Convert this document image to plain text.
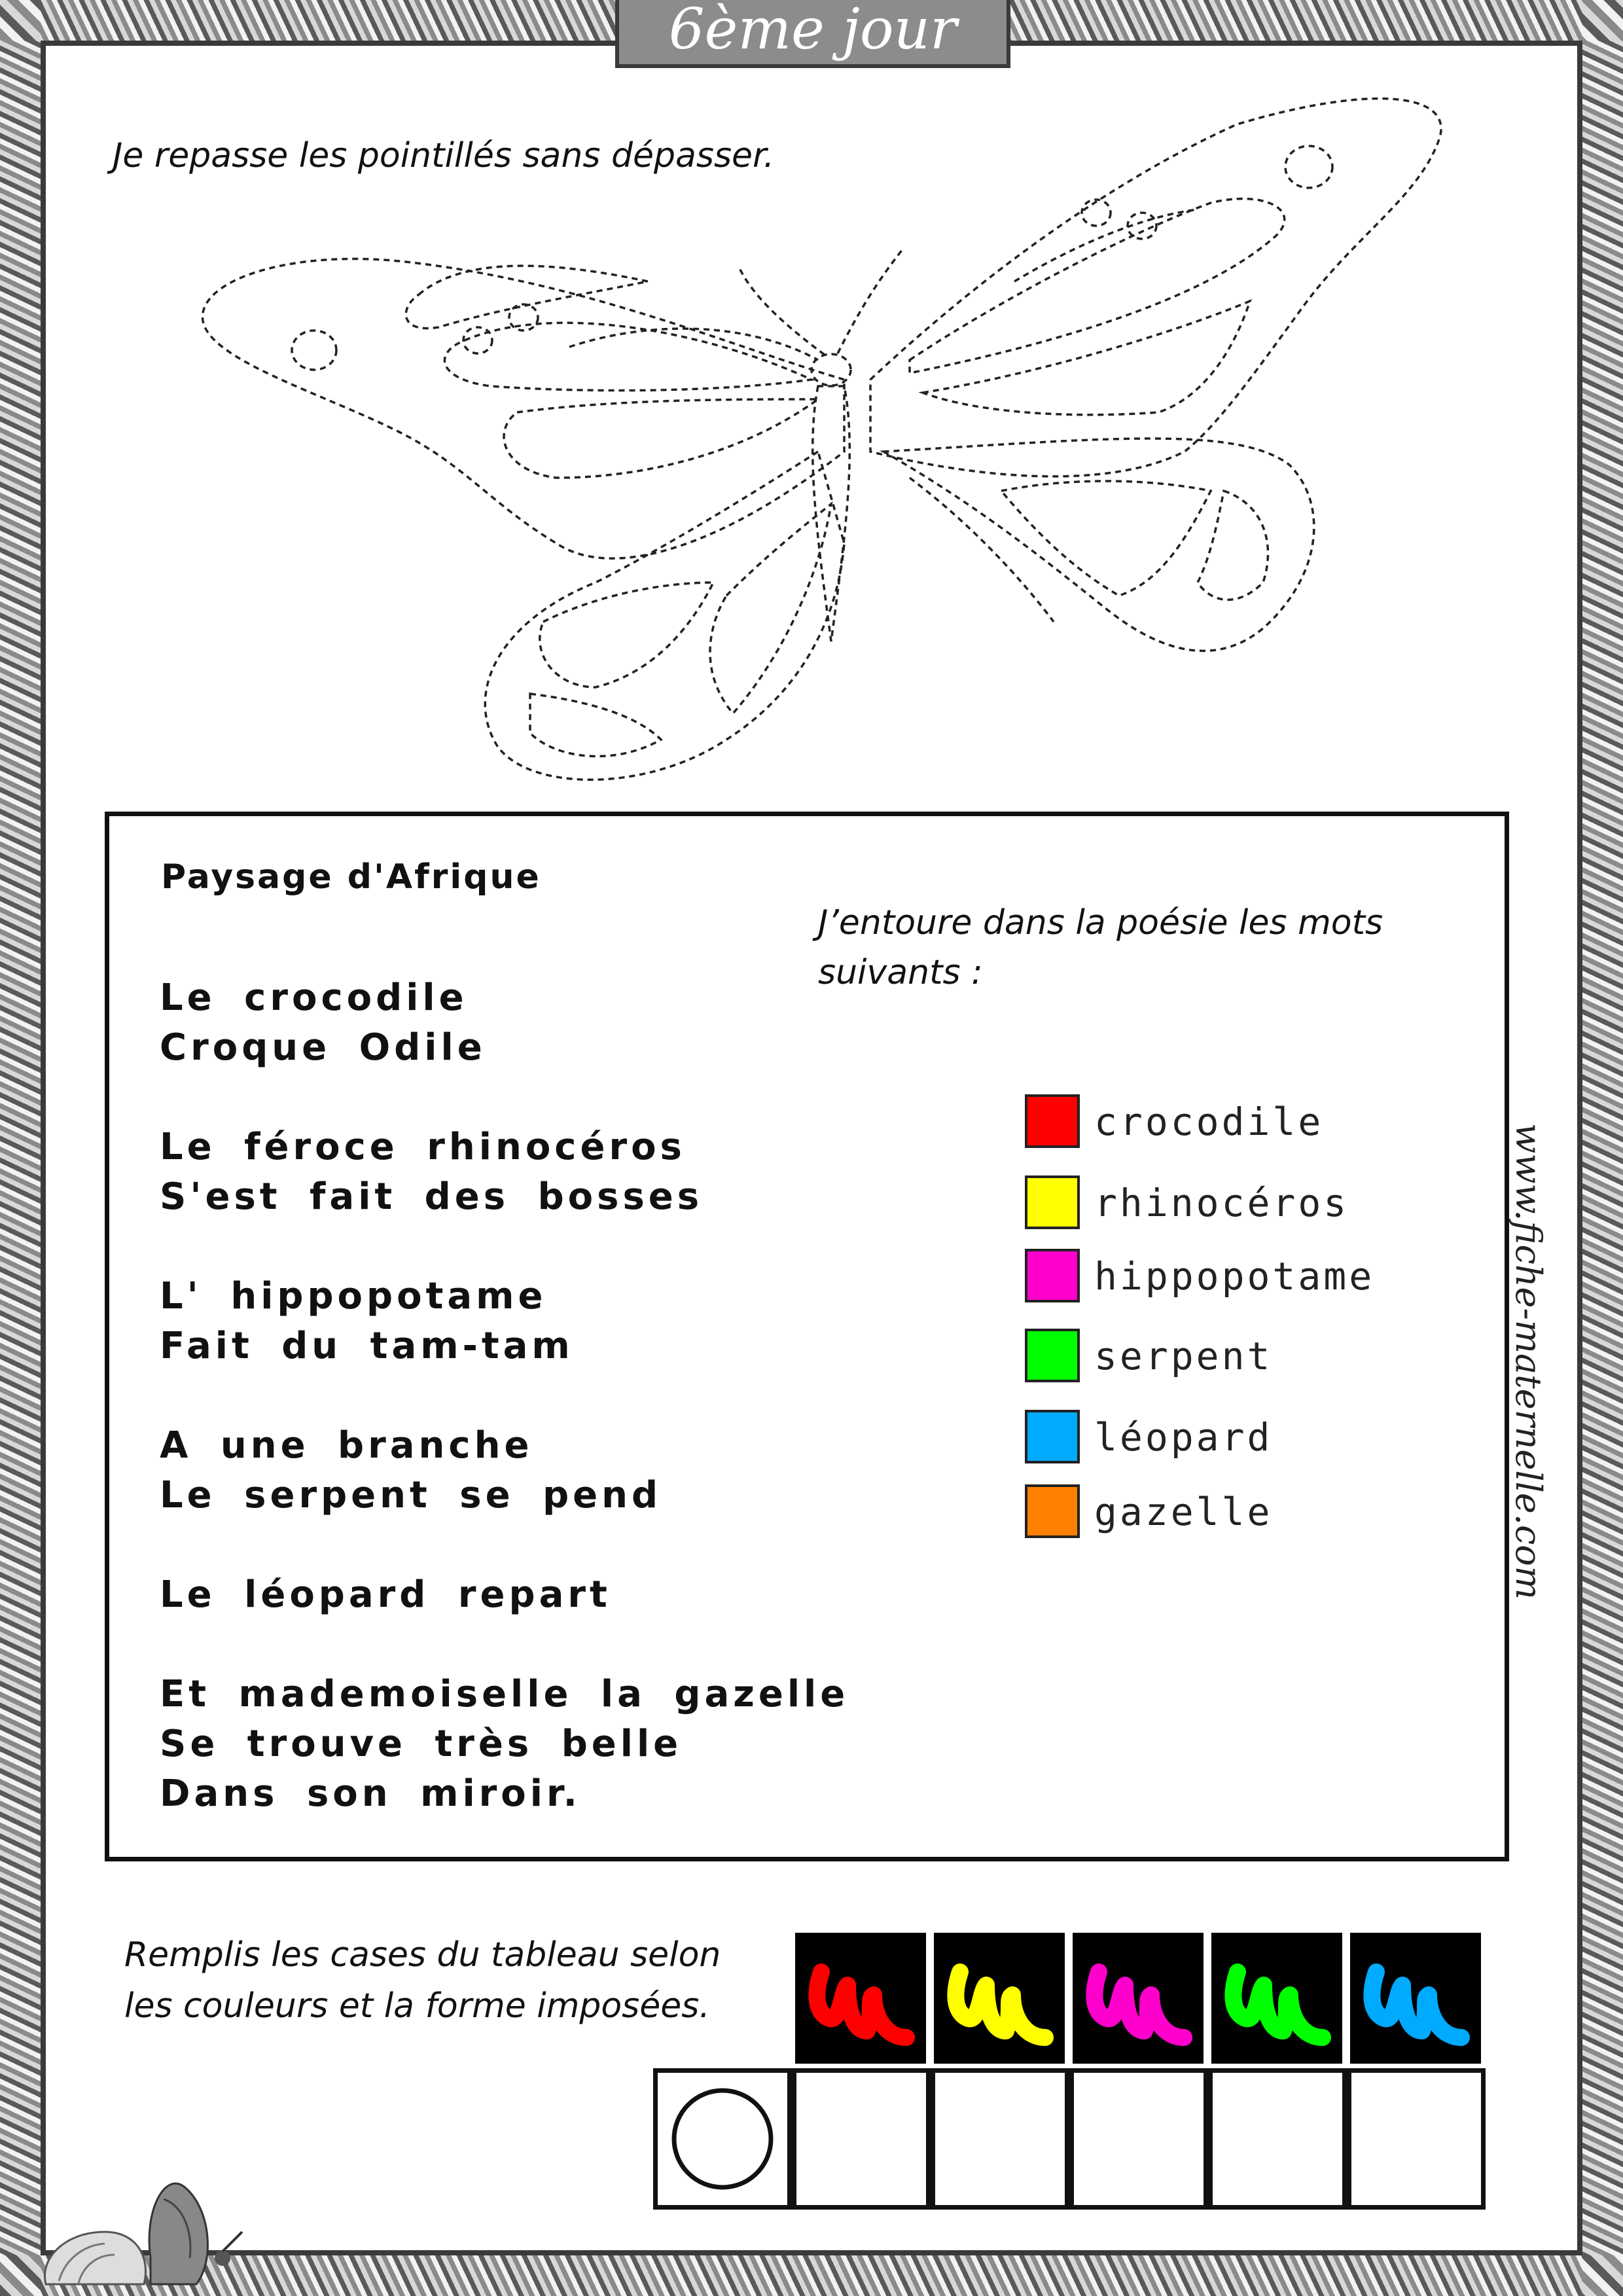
6ème jour
Je repasse les pointillés sans dépasser.
Paysage d'Afrique
Le crocodile
Croque Odile
Le féroce rhinocéros
S'est fait des bosses
L' hippopotame
Fait du tam-tam
A une branche
Le serpent se pend
Le léopard repart
Et mademoiselle la gazelle
Se trouve très belle
Dans son miroir.
J’entoure dans la poésie les mots suivants :
crocodile
rhinocéros
hippopotame
serpent
léopard
gazelle	www.fiche-maternelle.com
Remplis les cases du tableau selon les couleurs et la forme imposées.
